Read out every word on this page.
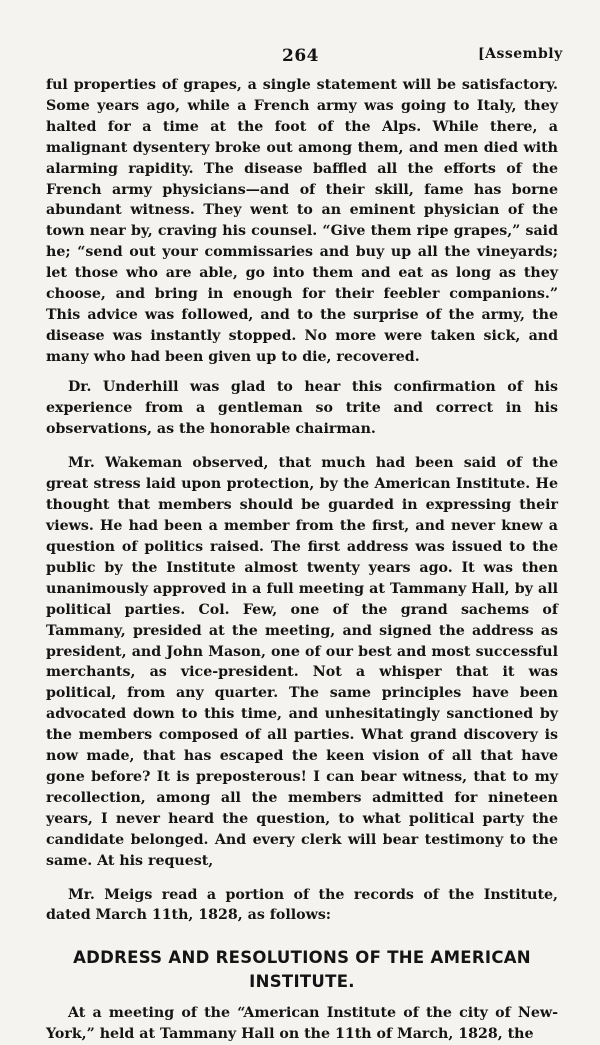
264	[Assembly

ful properties of grapes, a single statement will be satisfactory. Some years ago, while a French army was going to Italy, they halted for a time at the foot of the Alps. While there, a malignant dysentery broke out among them, and men died with alarming rapidity. The disease baffled all the efforts of the French army physicians—and of their skill, fame has borne abundant witness. They went to an eminent physician of the town near by, craving his counsel. “Give them ripe grapes,” said he; “send out your commissaries and buy up all the vineyards; let those who are able, go into them and eat as long as they choose, and bring in enough for their feebler companions.” This advice was followed, and to the surprise of the army, the disease was instantly stopped. No more were taken sick, and many who had been given up to die, recovered.

Dr. Underhill was glad to hear this confirmation of his experience from a gentleman so trite and correct in his observations, as the honorable chairman.

Mr. Wakeman observed, that much had been said of the great stress laid upon protection, by the American Institute. He thought that members should be guarded in expressing their views. He had been a member from the first, and never knew a question of politics raised. The first address was issued to the public by the Institute almost twenty years ago. It was then unanimously approved in a full meeting at Tammany Hall, by all political parties. Col. Few, one of the grand sachems of Tammany, presided at the meeting, and signed the address as president, and John Mason, one of our best and most successful merchants, as vice-president. Not a whisper that it was political, from any quarter. The same principles have been advocated down to this time, and unhesitatingly sanctioned by the members composed of all parties. What grand discovery is now made, that has escaped the keen vision of all that have gone before? It is preposterous! I can bear witness, that to my recollection, among all the members admitted for nineteen years, I never heard the question, to what political party the candidate belonged. And every clerk will bear testimony to the same. At his request,

Mr. Meigs read a portion of the records of the Institute, dated March 11th, 1828, as follows:

ADDRESS AND RESOLUTIONS OF THE AMERICAN INSTITUTE.

At a meeting of the “American Institute of the city of New-York,” held at Tammany Hall on the 11th of March, 1828, the
